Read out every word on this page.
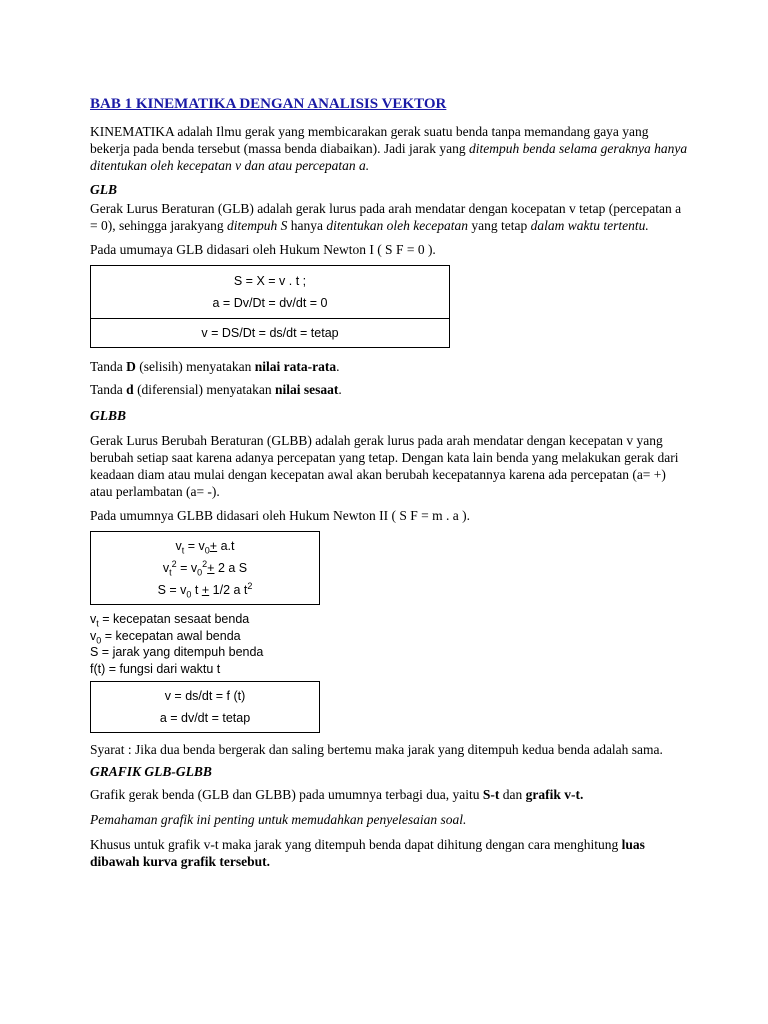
BAB 1 KINEMATIKA DENGAN ANALISIS VEKTOR

KINEMATIKA adalah Ilmu gerak yang membicarakan gerak suatu benda tanpa memandang gaya yang bekerja pada benda tersebut (massa benda diabaikan). Jadi jarak yang ditempuh benda selama geraknya hanya ditentukan oleh kecepatan v dan atau percepatan a.

GLB

Gerak Lurus Beraturan (GLB) adalah gerak lurus pada arah mendatar dengan kocepatan v tetap (percepatan a = 0), sehingga jarakyang ditempuh S hanya ditentukan oleh kecepatan yang tetap dalam waktu tertentu.

Pada umumaya GLB didasari oleh Hukum Newton I ( S F = 0 ).

S = X = v . t ;
a = Dv/Dt = dv/dt = 0
v = DS/Dt = ds/dt = tetap

Tanda D (selisih) menyatakan nilai rata-rata.

Tanda d (diferensial) menyatakan nilai sesaat.

GLBB

Gerak Lurus Berubah Beraturan (GLBB) adalah gerak lurus pada arah mendatar dengan kecepatan v yang berubah setiap saat karena adanya percepatan yang tetap. Dengan kata lain benda yang melakukan gerak dari keadaan diam atau mulai dengan kecepatan awal akan berubah kecepatannya karena ada percepatan (a= +) atau perlambatan (a= -).

Pada umumnya GLBB didasari oleh Hukum Newton II ( S F = m . a ).

$v_t = v_0+ a.t$
$v_t^2 = v_0^2+ 2$ a S
$S = v_0$ t + 1/2 a $t^2$
$v_t$ = kecepatan sesaat benda
$v_0$ = kecepatan awal benda
S = jarak yang ditempuh benda
f(t) = fungsi dari waktu t
v = ds/dt = f (t)
a = dv/dt = tetap

Syarat : Jika dua benda bergerak dan saling bertemu maka jarak yang ditempuh kedua benda adalah sama.

GRAFIK GLB-GLBB

Grafik gerak benda (GLB dan GLBB) pada umumnya terbagi dua, yaitu S-t dan grafik v-t.

Pemahaman grafik ini penting untuk memudahkan penyelesaian soal.

Khusus untuk grafik v-t maka jarak yang ditempuh benda dapat dihitung dengan cara menghitung luas dibawah kurva grafik tersebut.
